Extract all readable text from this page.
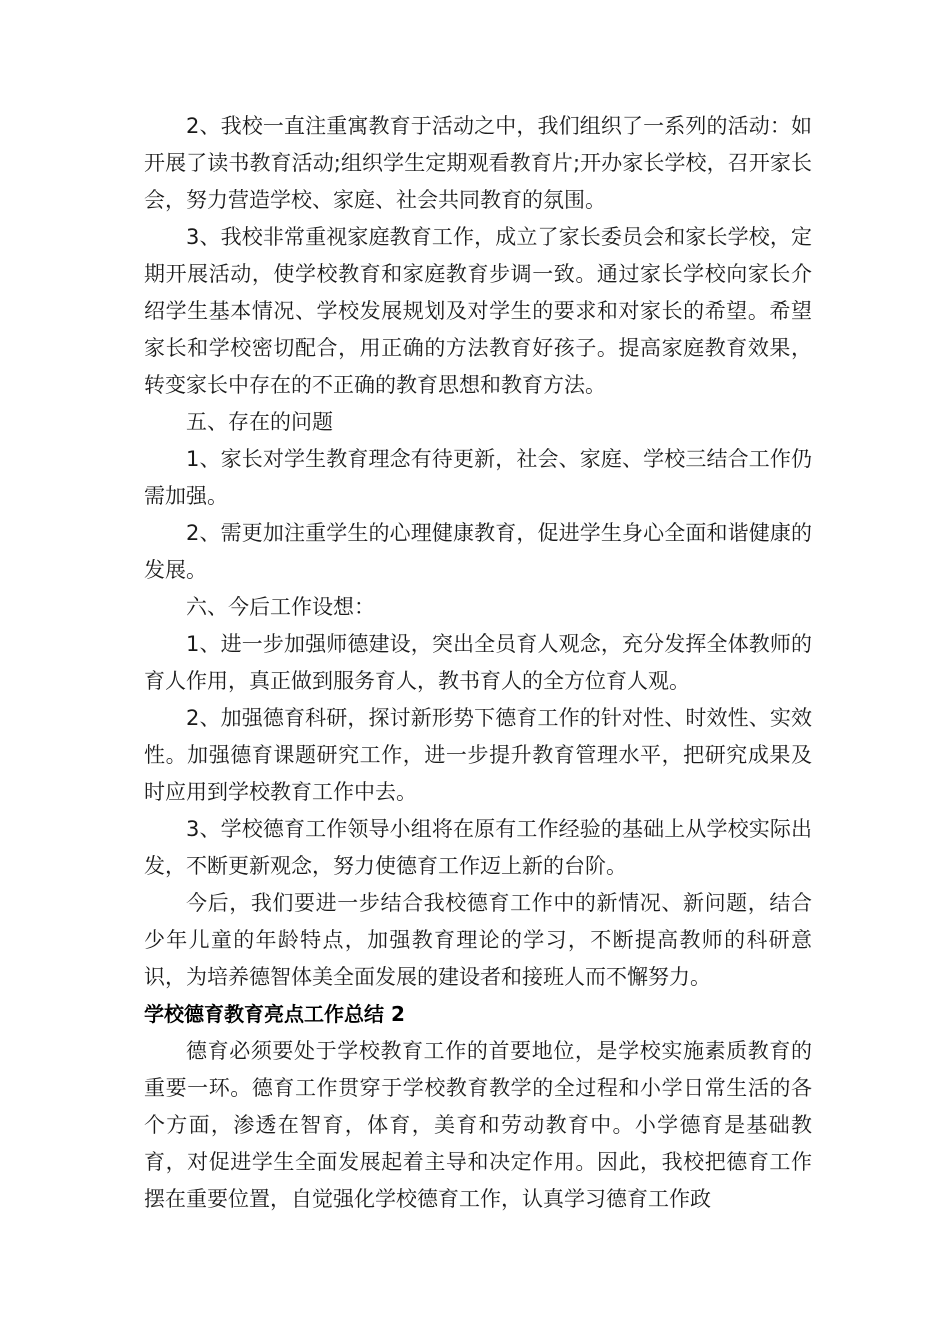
2、我校一直注重寓教育于活动之中，我们组织了一系列的活动：如开展了读书教育活动;组织学生定期观看教育片;开办家长学校，召开家长会，努力营造学校、家庭、社会共同教育的氛围。

3、我校非常重视家庭教育工作，成立了家长委员会和家长学校，定期开展活动，使学校教育和家庭教育步调一致。通过家长学校向家长介绍学生基本情况、学校发展规划及对学生的要求和对家长的希望。希望家长和学校密切配合，用正确的方法教育好孩子。提高家庭教育效果，转变家长中存在的不正确的教育思想和教育方法。

五、存在的问题

1、家长对学生教育理念有待更新，社会、家庭、学校三结合工作仍需加强。

2、需更加注重学生的心理健康教育，促进学生身心全面和谐健康的发展。

六、今后工作设想：

1、进一步加强师德建设，突出全员育人观念，充分发挥全体教师的育人作用，真正做到服务育人，教书育人的全方位育人观。

2、加强德育科研，探讨新形势下德育工作的针对性、时效性、实效性。加强德育课题研究工作，进一步提升教育管理水平，把研究成果及时应用到学校教育工作中去。

3、学校德育工作领导小组将在原有工作经验的基础上从学校实际出发，不断更新观念，努力使德育工作迈上新的台阶。

今后，我们要进一步结合我校德育工作中的新情况、新问题，结合少年儿童的年龄特点，加强教育理论的学习，不断提高教师的科研意识，为培养德智体美全面发展的建设者和接班人而不懈努力。

学校德育教育亮点工作总结 2

德育必须要处于学校教育工作的首要地位，是学校实施素质教育的重要一环。德育工作贯穿于学校教育教学的全过程和小学日常生活的各个方面，渗透在智育，体育，美育和劳动教育中。小学德育是基础教育，对促进学生全面发展起着主导和决定作用。因此，我校把德育工作摆在重要位置，自觉强化学校德育工作，认真学习德育工作政
